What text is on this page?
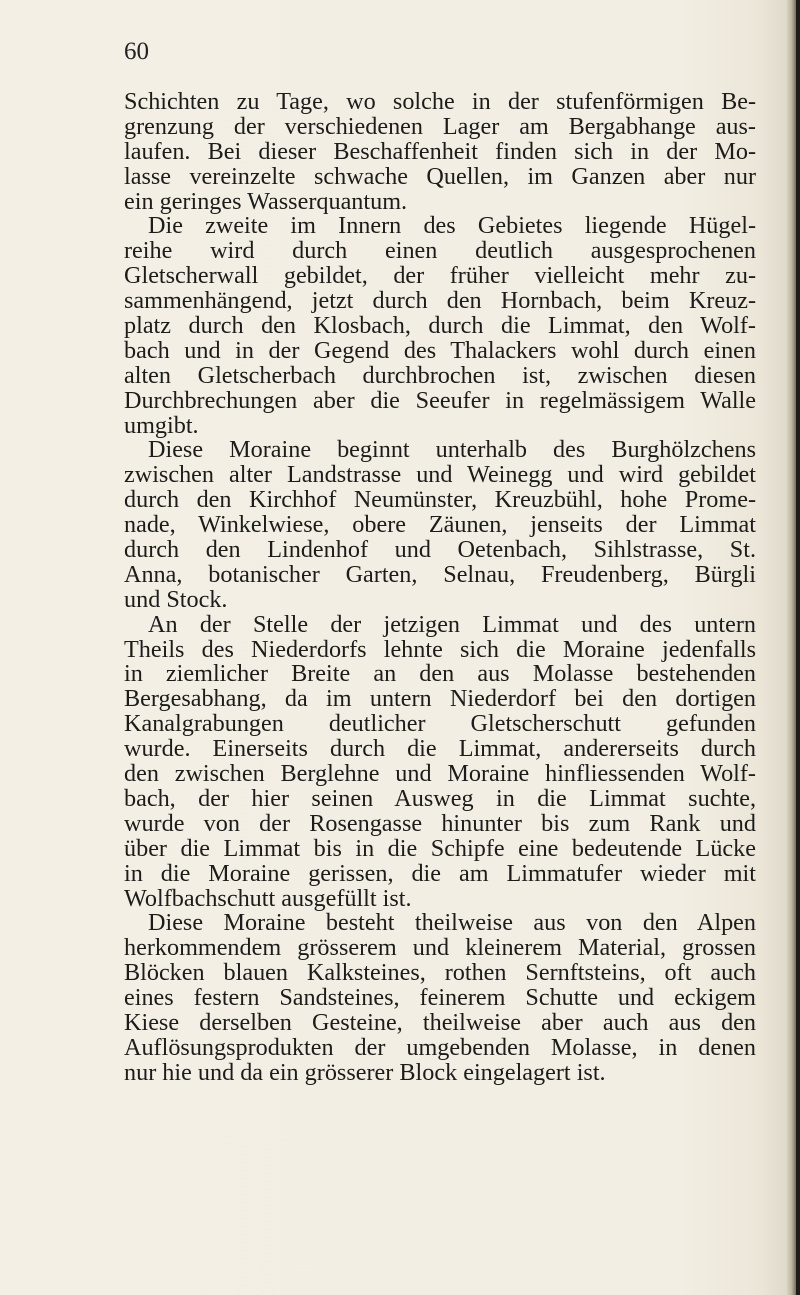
60
Schichten zu Tage, wo solche in der stufenförmigen Be-
grenzung der verschiedenen Lager am Bergabhange aus-
laufen. Bei dieser Beschaffenheit finden sich in der Mo-
lasse vereinzelte schwache Quellen, im Ganzen aber nur
ein geringes Wasserquantum.
Die zweite im Innern des Gebietes liegende Hügel-
reihe wird durch einen deutlich ausgesprochenen
Gletscherwall gebildet, der früher vielleicht mehr zu-
sammenhängend, jetzt durch den Hornbach, beim Kreuz-
platz durch den Klosbach, durch die Limmat, den Wolf-
bach und in der Gegend des Thalackers wohl durch einen
alten Gletscherbach durchbrochen ist, zwischen diesen
Durchbrechungen aber die Seeufer in regelmässigem Walle
umgibt.
Diese Moraine beginnt unterhalb des Burghölzchens
zwischen alter Landstrasse und Weinegg und wird gebildet
durch den Kirchhof Neumünster, Kreuzbühl, hohe Prome-
nade, Winkelwiese, obere Zäunen, jenseits der Limmat
durch den Lindenhof und Oetenbach, Sihlstrasse, St.
Anna, botanischer Garten, Selnau, Freudenberg, Bürgli
und Stock.
An der Stelle der jetzigen Limmat und des untern
Theils des Niederdorfs lehnte sich die Moraine jedenfalls
in ziemlicher Breite an den aus Molasse bestehenden
Bergesabhang, da im untern Niederdorf bei den dortigen
Kanalgrabungen deutlicher Gletscherschutt gefunden
wurde. Einerseits durch die Limmat, andererseits durch
den zwischen Berglehne und Moraine hinfliessenden Wolf-
bach, der hier seinen Ausweg in die Limmat suchte,
wurde von der Rosengasse hinunter bis zum Rank und
über die Limmat bis in die Schipfe eine bedeutende Lücke
in die Moraine gerissen, die am Limmatufer wieder mit
Wolfbachschutt ausgefüllt ist.
Diese Moraine besteht theilweise aus von den Alpen
herkommendem grösserem und kleinerem Material, grossen
Blöcken blauen Kalksteines, rothen Sernftsteins, oft auch
eines festern Sandsteines, feinerem Schutte und eckigem
Kiese derselben Gesteine, theilweise aber auch aus den
Auflösungsprodukten der umgebenden Molasse, in denen
nur hie und da ein grösserer Block eingelagert ist.
